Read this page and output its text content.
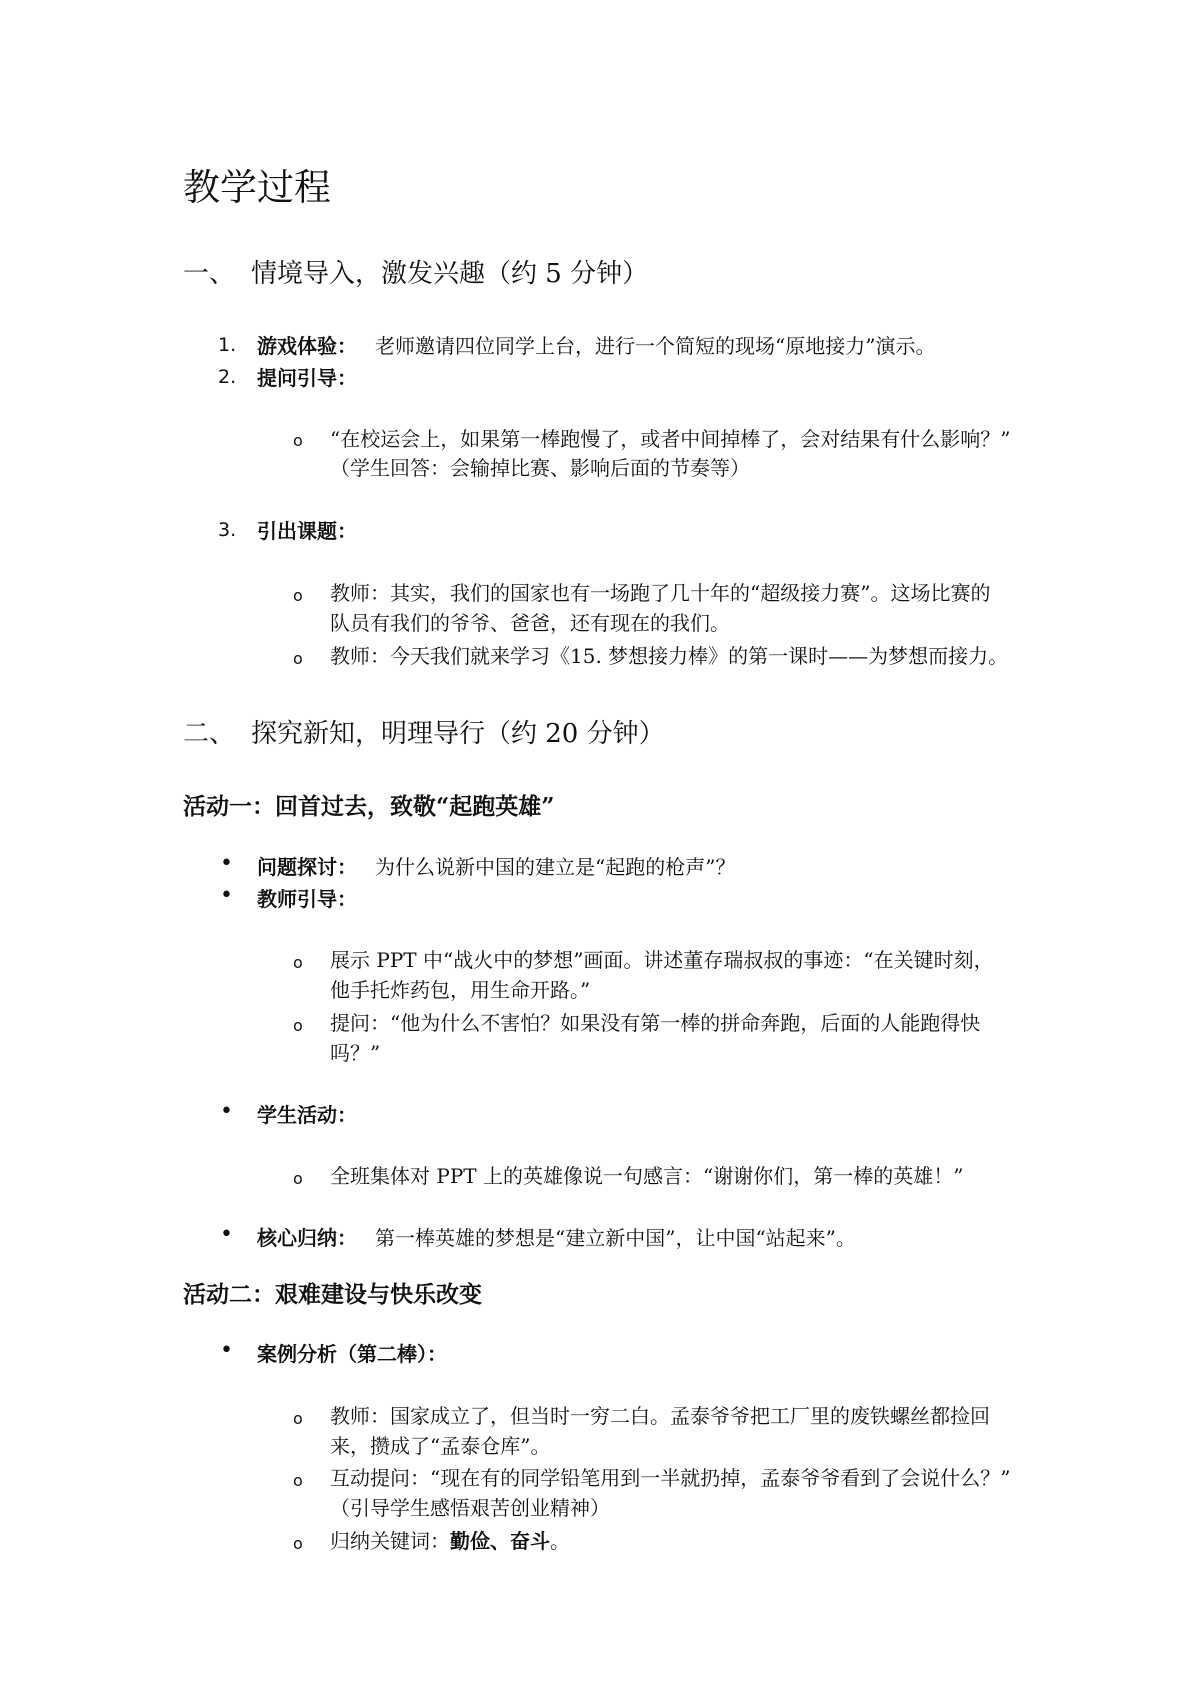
教学过程
一、 情境导入，激发兴趣（约 5 分钟）
1. 游戏体验： 老师邀请四位同学上台，进行一个简短的现场“原地接力”演示。
2. 提问引导：
o “在校运会上，如果第一棒跑慢了，或者中间掉棒了，会对结果有什么影响？”
（学生回答：会输掉比赛、影响后面的节奏等）
3. 引出课题：
o 教师：其实，我们的国家也有一场跑了几十年的“超级接力赛”。这场比赛的
队员有我们的爷爷、爸爸，还有现在的我们。
o 教师：今天我们就来学习《15. 梦想接力棒》的第一课时——为梦想而接力。
二、 探究新知，明理导行（约 20 分钟）
活动一：回首过去，致敬“起跑英雄”
• 问题探讨： 为什么说新中国的建立是“起跑的枪声”？
• 教师引导：
o 展示 PPT 中“战火中的梦想”画面。讲述董存瑞叔叔的事迹：“在关键时刻，
他手托炸药包，用生命开路。”
o 提问：“他为什么不害怕？如果没有第一棒的拼命奔跑，后面的人能跑得快
吗？”
• 学生活动：
o 全班集体对 PPT 上的英雄像说一句感言：“谢谢你们，第一棒的英雄！”
• 核心归纳： 第一棒英雄的梦想是“建立新中国”，让中国“站起来”。
活动二：艰难建设与快乐改变
• 案例分析（第二棒）：
o 教师：国家成立了，但当时一穷二白。孟泰爷爷把工厂里的废铁螺丝都捡回
来，攒成了“孟泰仓库”。
o 互动提问：“现在有的同学铅笔用到一半就扔掉，孟泰爷爷看到了会说什么？”
（引导学生感悟艰苦创业精神）
o 归纳关键词：勤俭、奋斗。
